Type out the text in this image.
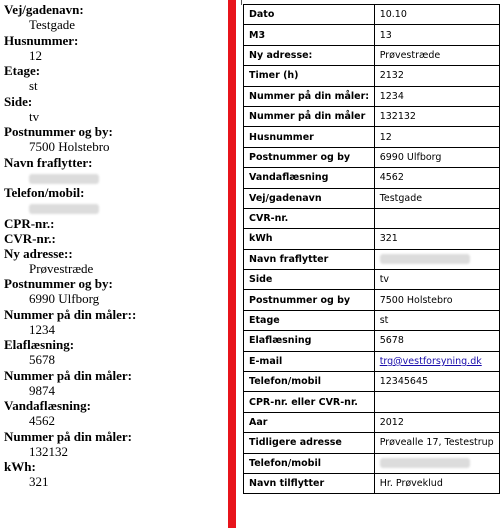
Vej/gadenavn:
Testgade
Husnummer:
12
Etage:
st
Side:
tv
Postnummer og by:
7500 Holstebro
Navn fraflytter:
Telefon/mobil:
CPR-nr.:
CVR-nr.:
Ny adresse::
Prøvestræde
Postnummer og by:
6990 Ulfborg
Nummer på din måler::
1234
Elaflæsning:
5678
Nummer på din måler:
9874
Vandaflæsning:
4562
Nummer på din måler:
132132
kWh:
321
Dato	10.10
M3	13
Ny adresse:	Prøvestræde
Timer (h)	2132
Nummer på din måler:	1234
Nummer på din måler	132132
Husnummer	12
Postnummer og by	6990 Ulfborg
Vandaflæsning	4562
Vej/gadenavn	Testgade
CVR-nr.	
kWh	321
Navn fraflytter	
Side	tv
Postnummer og by	7500 Holstebro
Etage	st
Elaflæsning	5678
E-mail	trg@vestforsyning.dk
Telefon/mobil	12345645
CPR-nr. eller CVR-nr.	
Aar	2012
Tidligere adresse	Prøvealle 17, Testestrup
Telefon/mobil	
Navn tilflytter	Hr. Prøveklud
